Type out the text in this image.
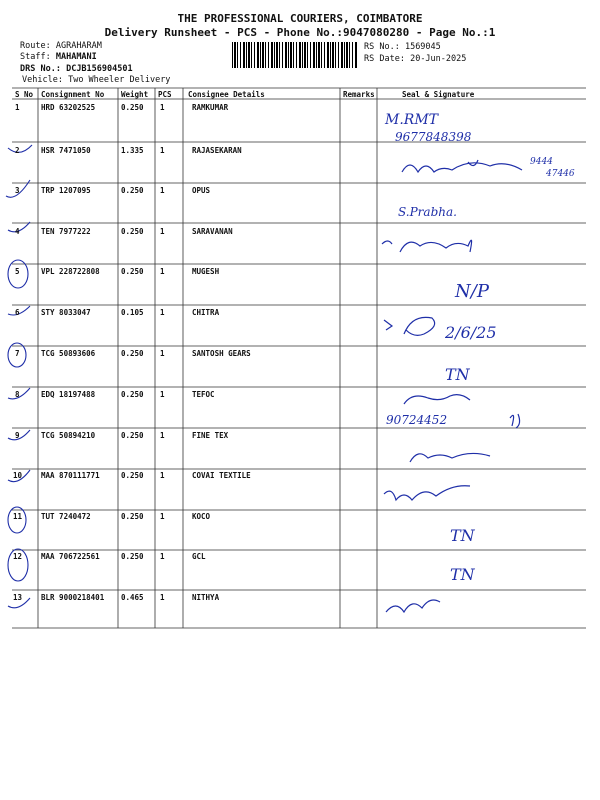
THE PROFESSIONAL COURIERS, COIMBATORE
Delivery Runsheet - PCS - Phone No.:9047080280 - Page No.:1
Route: AGRAHARAM
Staff: MAHAMANI
DRS No.: DCJB156904501
Vehicle: Two Wheeler Delivery
RS No.: 1569045
RS Date: 20-Jun-2025
S No Consignment No Weight PCS Consignee Details	Remarks	Seal & Signature
1	HRD 63202525	0.250 1	RAMKUMAR
2	HSR 7471050	1.335 1	RAJASEKARAN
3	TRP 1207095	0.250 1	OPUS
4	TEN 7977222	0.250 1	SARAVANAN
5	VPL 228722808	0.250 1	MUGESH
6	STY 8033047	0.105 1	CHITRA
7	TCG 50893606	0.250 1	SANTOSH GEARS
8	EDQ 18197488	0.250 1	TEFOC
9	TCG 50894210	0.250 1	FINE TEX
10	MAA 870111771	0.250 1	COVAI TEXTILE
11	TUT 7240472	0.250 1	KOCO
12	MAA 706722561	0.250 1	GCL
13	BLR 9000218401 0.465 1	NITHYA
M.RMT
9677848398
9444
47446
S.Prabha.
N/P
2/6/25
TN
90724452
TN
TN
